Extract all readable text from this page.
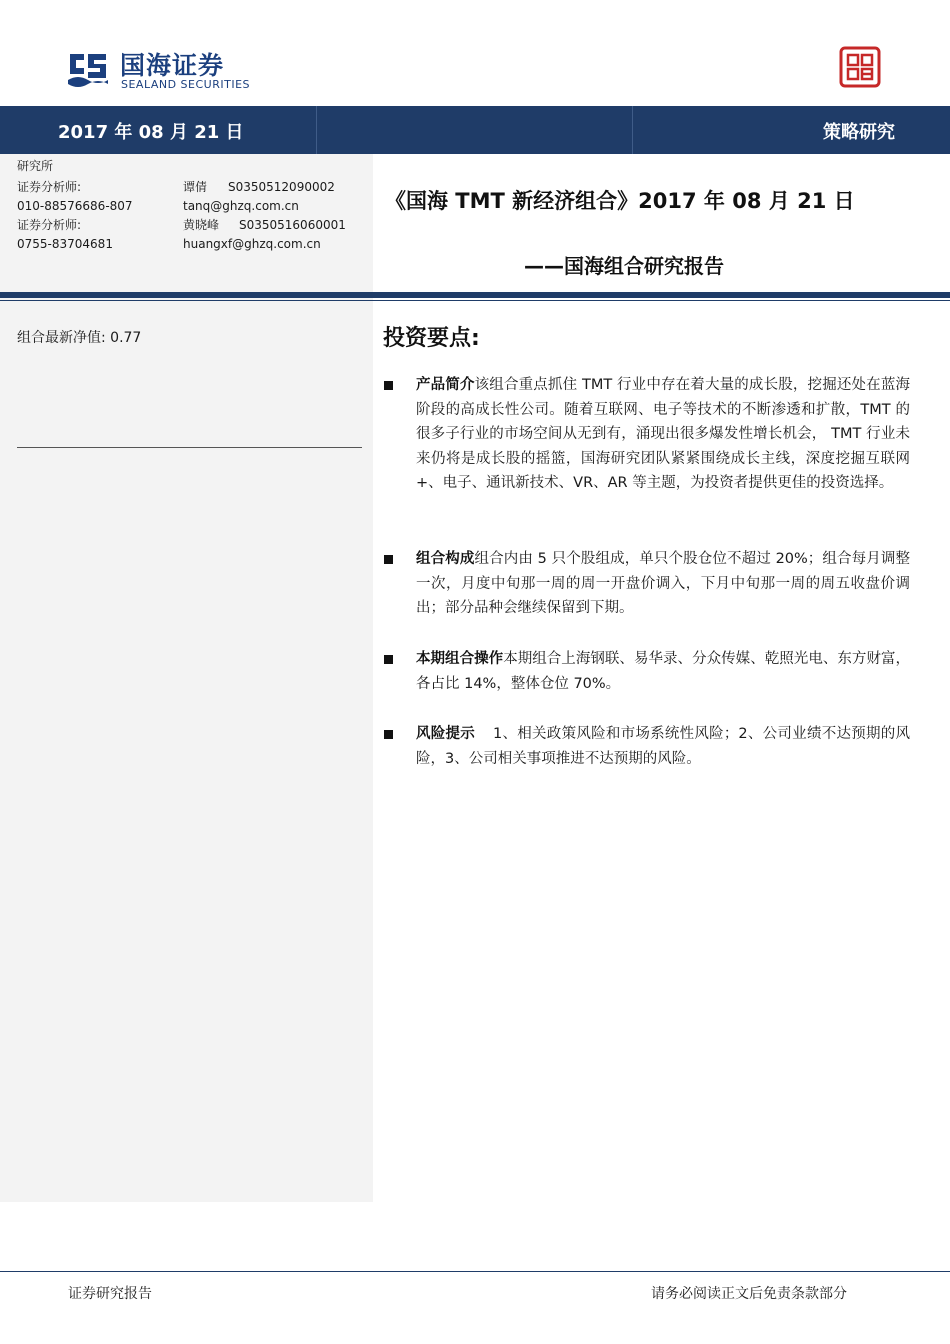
国海证券
SEALAND SECURITIES
2017 年 08 月 21 日	策略研究
研究所
证券分析师:	谭倩 S0350512090002
010-88576686-807	tanq@ghzq.com.cn
证券分析师:	黄晓峰 S0350516060001
0755-83704681	huangxf@ghzq.com.cn
《国海 TMT 新经济组合》2017 年 08 月 21 日
——国海组合研究报告
组合最新净值: 0.77	投资要点:
产品简介该组合重点抓住 TMT 行业中存在着大量的成长股，挖掘还处在蓝海阶段的高成长性公司。随着互联网、电子等技术的不断渗透和扩散，TMT 的很多子行业的市场空间从无到有，涌现出很多爆发性增长机会， TMT 行业未来仍将是成长股的摇篮，国海研究团队紧紧围绕成长主线，深度挖掘互联网+、电子、通讯新技术、VR、AR 等主题，为投资者提供更佳的投资选择。
组合构成组合内由 5 只个股组成，单只个股仓位不超过 20%；组合每月调整一次，月度中旬那一周的周一开盘价调入，下月中旬那一周的周五收盘价调出；部分品种会继续保留到下期。
本期组合操作本期组合上海钢联、易华录、分众传媒、乾照光电、东方财富，各占比 14%，整体仓位 70%。
风险提示 1、相关政策风险和市场系统性风险；2、公司业绩不达预期的风险，3、公司相关事项推进不达预期的风险。
证券研究报告	请务必阅读正文后免责条款部分
